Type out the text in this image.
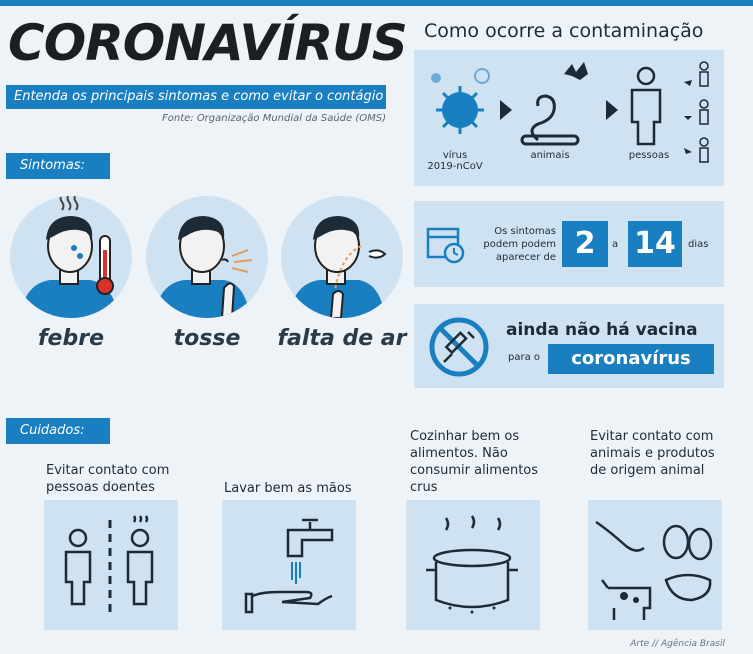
CORONAVÍRUS
Entenda os principais sintomas e como evitar o contágio
Fonte: Organização Mundial da Saúde (OMS)
Sintomas:
febre	tosse	falta de ar
Como ocorre a contaminação
vírus
2019-nCoV
animais	pessoas
Os sintomas podem podem aparecer de 2	a 14	dias
ainda não há vacina
para o	coronavírus
Cuidados:
Evitar contato com pessoas doentes	Lavar bem as mãos
Cozinhar bem os alimentos. Não consumir alimentos crus
Evitar contato com animais e produtos de origem animal
Arte // Agência Brasil
